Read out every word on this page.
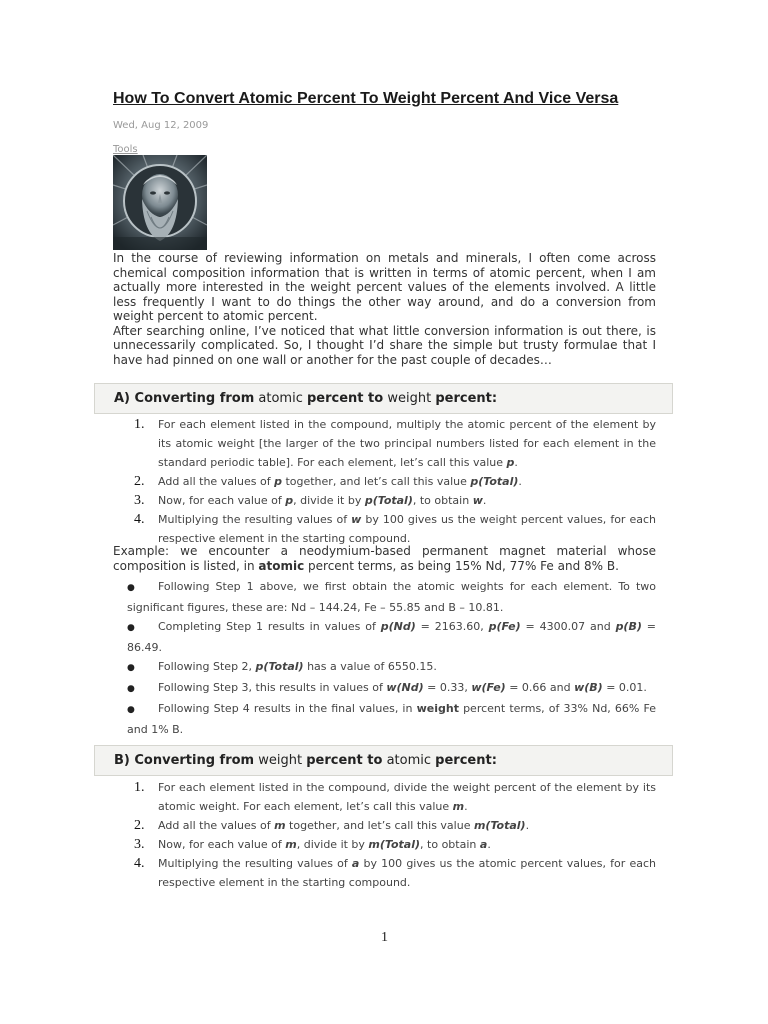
How To Convert Atomic Percent To Weight Percent And Vice Versa
Wed, Aug 12, 2009
Tools

In the course of reviewing information on metals and minerals, I often come across chemical composition information that is written in terms of atomic percent, when I am actually more interested in the weight percent values of the elements involved. A little less frequently I want to do things the other way around, and do a conversion from weight percent to atomic percent.

After searching online, I’ve noticed that what little conversion information is out there, is unnecessarily complicated. So, I thought I’d share the simple but trusty formulae that I have had pinned on one wall or another for the past couple of decades…

A) Converting from atomic percent to weight percent:
For each element listed in the compound, multiply the atomic percent of the element by its atomic weight [the larger of the two principal numbers listed for each element in the standard periodic table]. For each element, let’s call this value p.
Add all the values of p together, and let’s call this value p(Total).
Now, for each value of p, divide it by p(Total), to obtain w.
Multiplying the resulting values of w by 100 gives us the weight percent values, for each respective element in the starting compound.

Example: we encounter a neodymium-based permanent magnet material whose composition is listed, in atomic percent terms, as being 15% Nd, 77% Fe and 8% B.

● Following Step 1 above, we first obtain the atomic weights for each element. To two significant figures, these are: Nd – 144.24, Fe – 55.85 and B – 10.81.
● Completing Step 1 results in values of p(Nd) = 2163.60, p(Fe) = 4300.07 and p(B) = 86.49.
● Following Step 2, p(Total) has a value of 6550.15.
● Following Step 3, this results in values of w(Nd) = 0.33, w(Fe) = 0.66 and w(B) = 0.01.
● Following Step 4 results in the final values, in weight percent terms, of 33% Nd, 66% Fe and 1% B.
B) Converting from weight percent to atomic percent:
For each element listed in the compound, divide the weight percent of the element by its atomic weight. For each element, let’s call this value m.
Add all the values of m together, and let’s call this value m(Total).
Now, for each value of m, divide it by m(Total), to obtain a.
Multiplying the resulting values of a by 100 gives us the atomic percent values, for each respective element in the starting compound.
1
